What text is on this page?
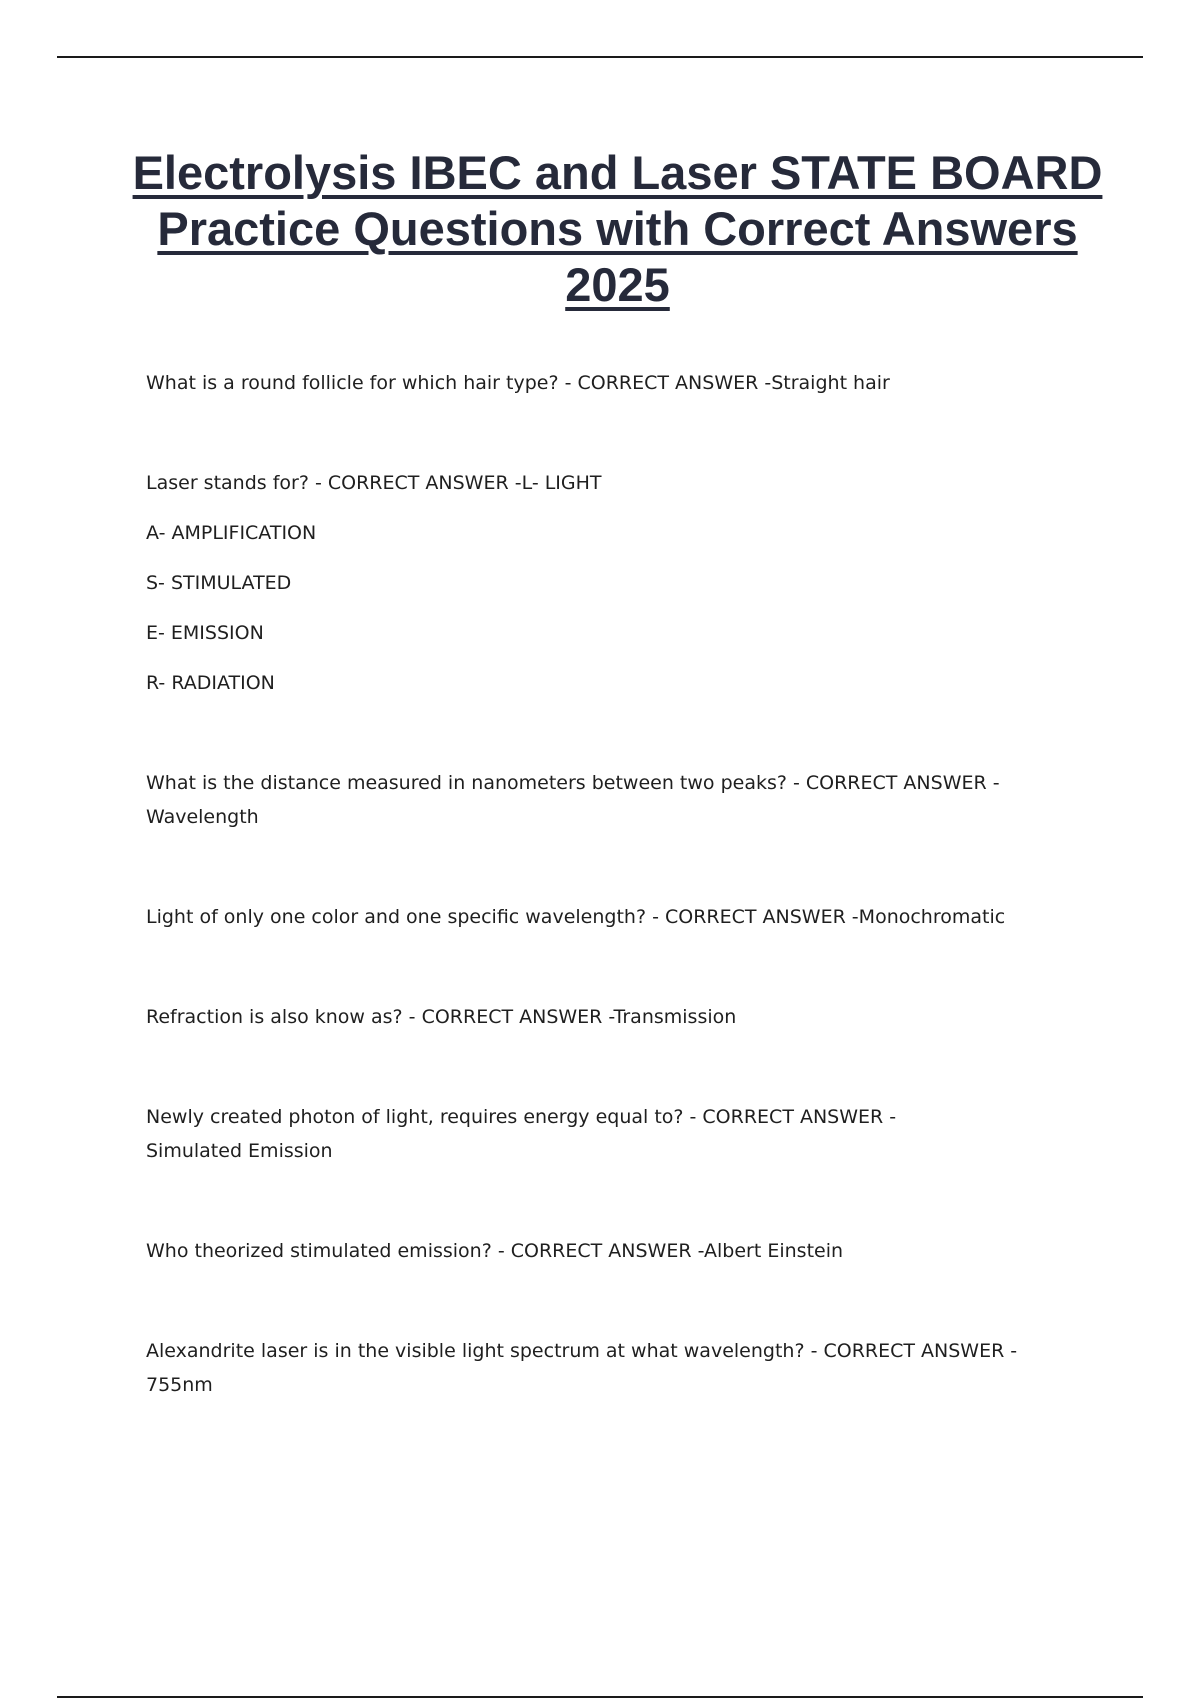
Electrolysis IBEC and Laser STATE BOARD Practice Questions with Correct Answers 2025

What is a round follicle for which hair type? - CORRECT ANSWER -Straight hair

Laser stands for? - CORRECT ANSWER -L- LIGHT

A- AMPLIFICATION

S- STIMULATED

E- EMISSION

R- RADIATION

What is the distance measured in nanometers between two peaks? - CORRECT ANSWER -
Wavelength

Light of only one color and one specific wavelength? - CORRECT ANSWER -Monochromatic

Refraction is also know as? - CORRECT ANSWER -Transmission

Newly created photon of light, requires energy equal to? - CORRECT ANSWER -
Simulated Emission

Who theorized stimulated emission? - CORRECT ANSWER -Albert Einstein

Alexandrite laser is in the visible light spectrum at what wavelength? - CORRECT ANSWER -
755nm
